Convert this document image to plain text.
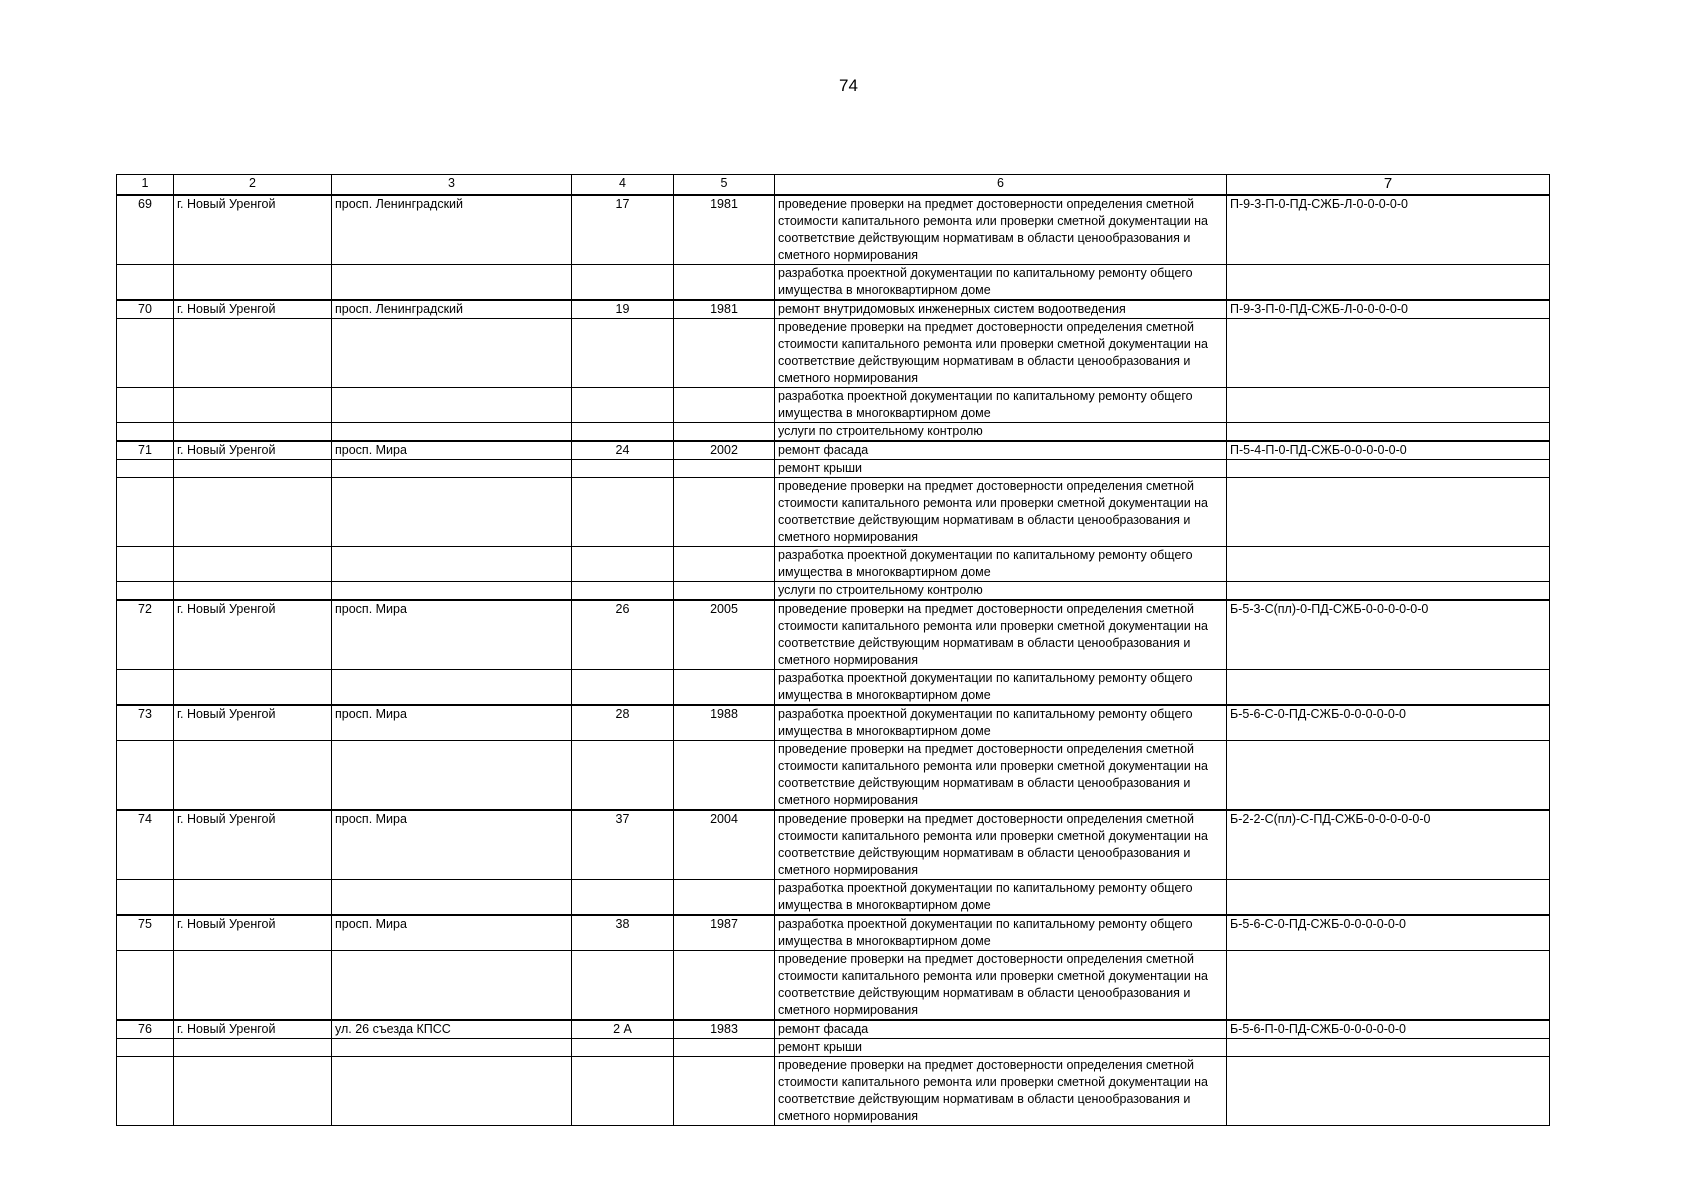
74
1	2	3	4	5	6	7
69	г. Новый Уренгой	просп. Ленинградский	17	1981	проведение проверки на предмет достоверности определения сметной стоимости капитального ремонта или проверки сметной документации на соответствие действующим нормативам в области ценообразования и сметного нормирования	П-9-3-П-0-ПД-СЖБ-Л-0-0-0-0-0
					разработка проектной документации по капитальному ремонту общего имущества в многоквартирном доме	
70	г. Новый Уренгой	просп. Ленинградский	19	1981	ремонт внутридомовых инженерных систем водоотведения	П-9-3-П-0-ПД-СЖБ-Л-0-0-0-0-0
					проведение проверки на предмет достоверности определения сметной стоимости капитального ремонта или проверки сметной документации на соответствие действующим нормативам в области ценообразования и сметного нормирования	
					разработка проектной документации по капитальному ремонту общего имущества в многоквартирном доме	
					услуги по строительному контролю	
71	г. Новый Уренгой	просп. Мира	24	2002	ремонт фасада	П-5-4-П-0-ПД-СЖБ-0-0-0-0-0-0
					ремонт крыши	
					проведение проверки на предмет достоверности определения сметной стоимости капитального ремонта или проверки сметной документации на соответствие действующим нормативам в области ценообразования и сметного нормирования	
					разработка проектной документации по капитальному ремонту общего имущества в многоквартирном доме	
					услуги по строительному контролю	
72	г. Новый Уренгой	просп. Мира	26	2005	проведение проверки на предмет достоверности определения сметной стоимости капитального ремонта или проверки сметной документации на соответствие действующим нормативам в области ценообразования и сметного нормирования	Б-5-3-С(пл)-0-ПД-СЖБ-0-0-0-0-0-0
					разработка проектной документации по капитальному ремонту общего имущества в многоквартирном доме	
73	г. Новый Уренгой	просп. Мира	28	1988	разработка проектной документации по капитальному ремонту общего имущества в многоквартирном доме	Б-5-6-С-0-ПД-СЖБ-0-0-0-0-0-0
					проведение проверки на предмет достоверности определения сметной стоимости капитального ремонта или проверки сметной документации на соответствие действующим нормативам в области ценообразования и сметного нормирования	
74	г. Новый Уренгой	просп. Мира	37	2004	проведение проверки на предмет достоверности определения сметной стоимости капитального ремонта или проверки сметной документации на соответствие действующим нормативам в области ценообразования и сметного нормирования	Б-2-2-С(пл)-С-ПД-СЖБ-0-0-0-0-0-0
					разработка проектной документации по капитальному ремонту общего имущества в многоквартирном доме	
75	г. Новый Уренгой	просп. Мира	38	1987	разработка проектной документации по капитальному ремонту общего имущества в многоквартирном доме	Б-5-6-С-0-ПД-СЖБ-0-0-0-0-0-0
					проведение проверки на предмет достоверности определения сметной стоимости капитального ремонта или проверки сметной документации на соответствие действующим нормативам в области ценообразования и сметного нормирования	
76	г. Новый Уренгой	ул. 26 съезда КПСС	2 А	1983	ремонт фасада	Б-5-6-П-0-ПД-СЖБ-0-0-0-0-0-0
					ремонт крыши	
					проведение проверки на предмет достоверности определения сметной стоимости капитального ремонта или проверки сметной документации на соответствие действующим нормативам в области ценообразования и сметного нормирования	
